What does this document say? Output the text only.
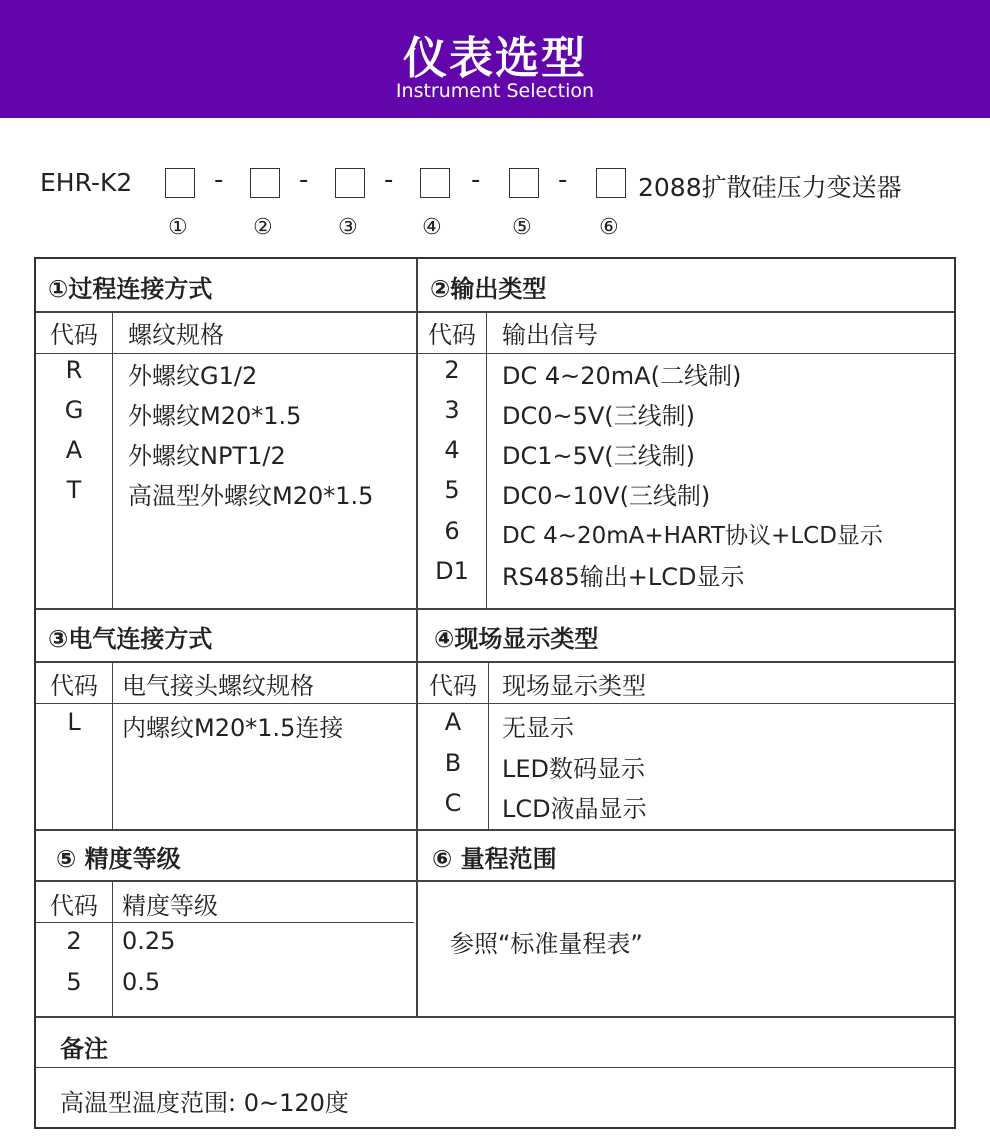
仪表选型
Instrument Selection
EHR-K2	-	-	-	-	-	2088扩散硅压力变送器
①	②	③	④	⑤	⑥
①过程连接方式
代码	螺纹规格
R	外螺纹G1/2
G	外螺纹M20*1.5
A	外螺纹NPT1/2
T	高温型外螺纹M20*1.5
②输出类型
代码	输出信号
2	DC 4~20mA(二线制)
3	DC0~5V(三线制)
4	DC1~5V(三线制)
5	DC0~10V(三线制)
6	DC 4~20mA+HART协议+LCD显示
D1	RS485输出+LCD显示
③电气连接方式
代码	电气接头螺纹规格
L	内螺纹M20*1.5连接
④现场显示类型
代码	现场显示类型
A	无显示
B	LED数码显示
C	LCD液晶显示
⑤ 精度等级
代码	精度等级
2	0.25
5	0.5
⑥ 量程范围
参照“标准量程表”
备注
高温型温度范围: 0~120度
